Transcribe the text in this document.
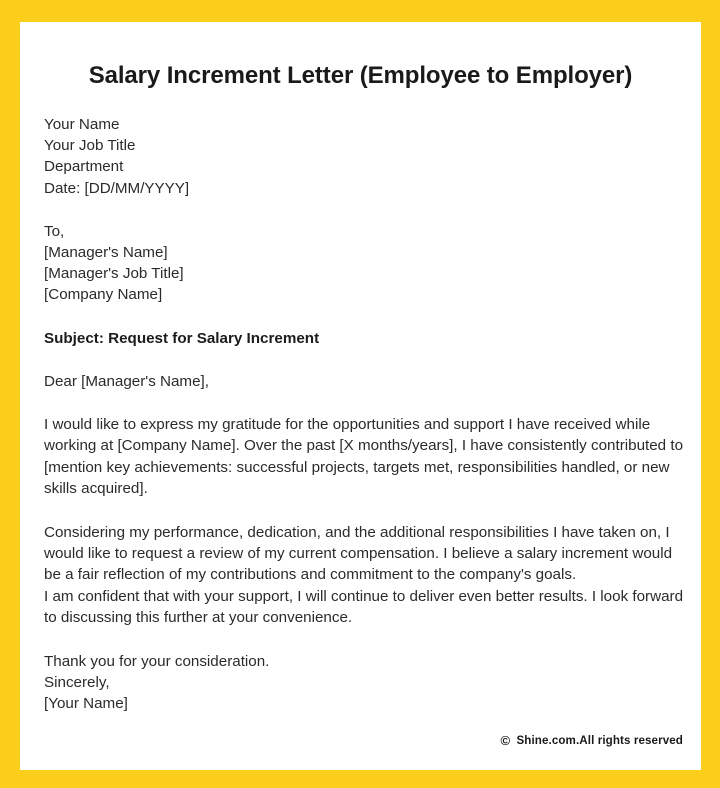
Salary Increment Letter (Employee to Employer)
Your Name
Your Job Title
Department
Date: [DD/MM/YYYY]
To,
[Manager's Name]
[Manager's Job Title]
[Company Name]
Subject: Request for Salary Increment
Dear [Manager's Name],
I would like to express my gratitude for the opportunities and support I have received while working at [Company Name]. Over the past [X months/years], I have consistently contributed to [mention key achievements: successful projects, targets met, responsibilities handled, or new skills acquired].
Considering my performance, dedication, and the additional responsibilities I have taken on, I would like to request a review of my current compensation. I believe a salary increment would be a fair reflection of my contributions and commitment to the company's goals.
I am confident that with your support, I will continue to deliver even better results. I look forward to discussing this further at your convenience.
Thank you for your consideration.
Sincerely,
[Your Name]
© Shine.com.All rights reserved
